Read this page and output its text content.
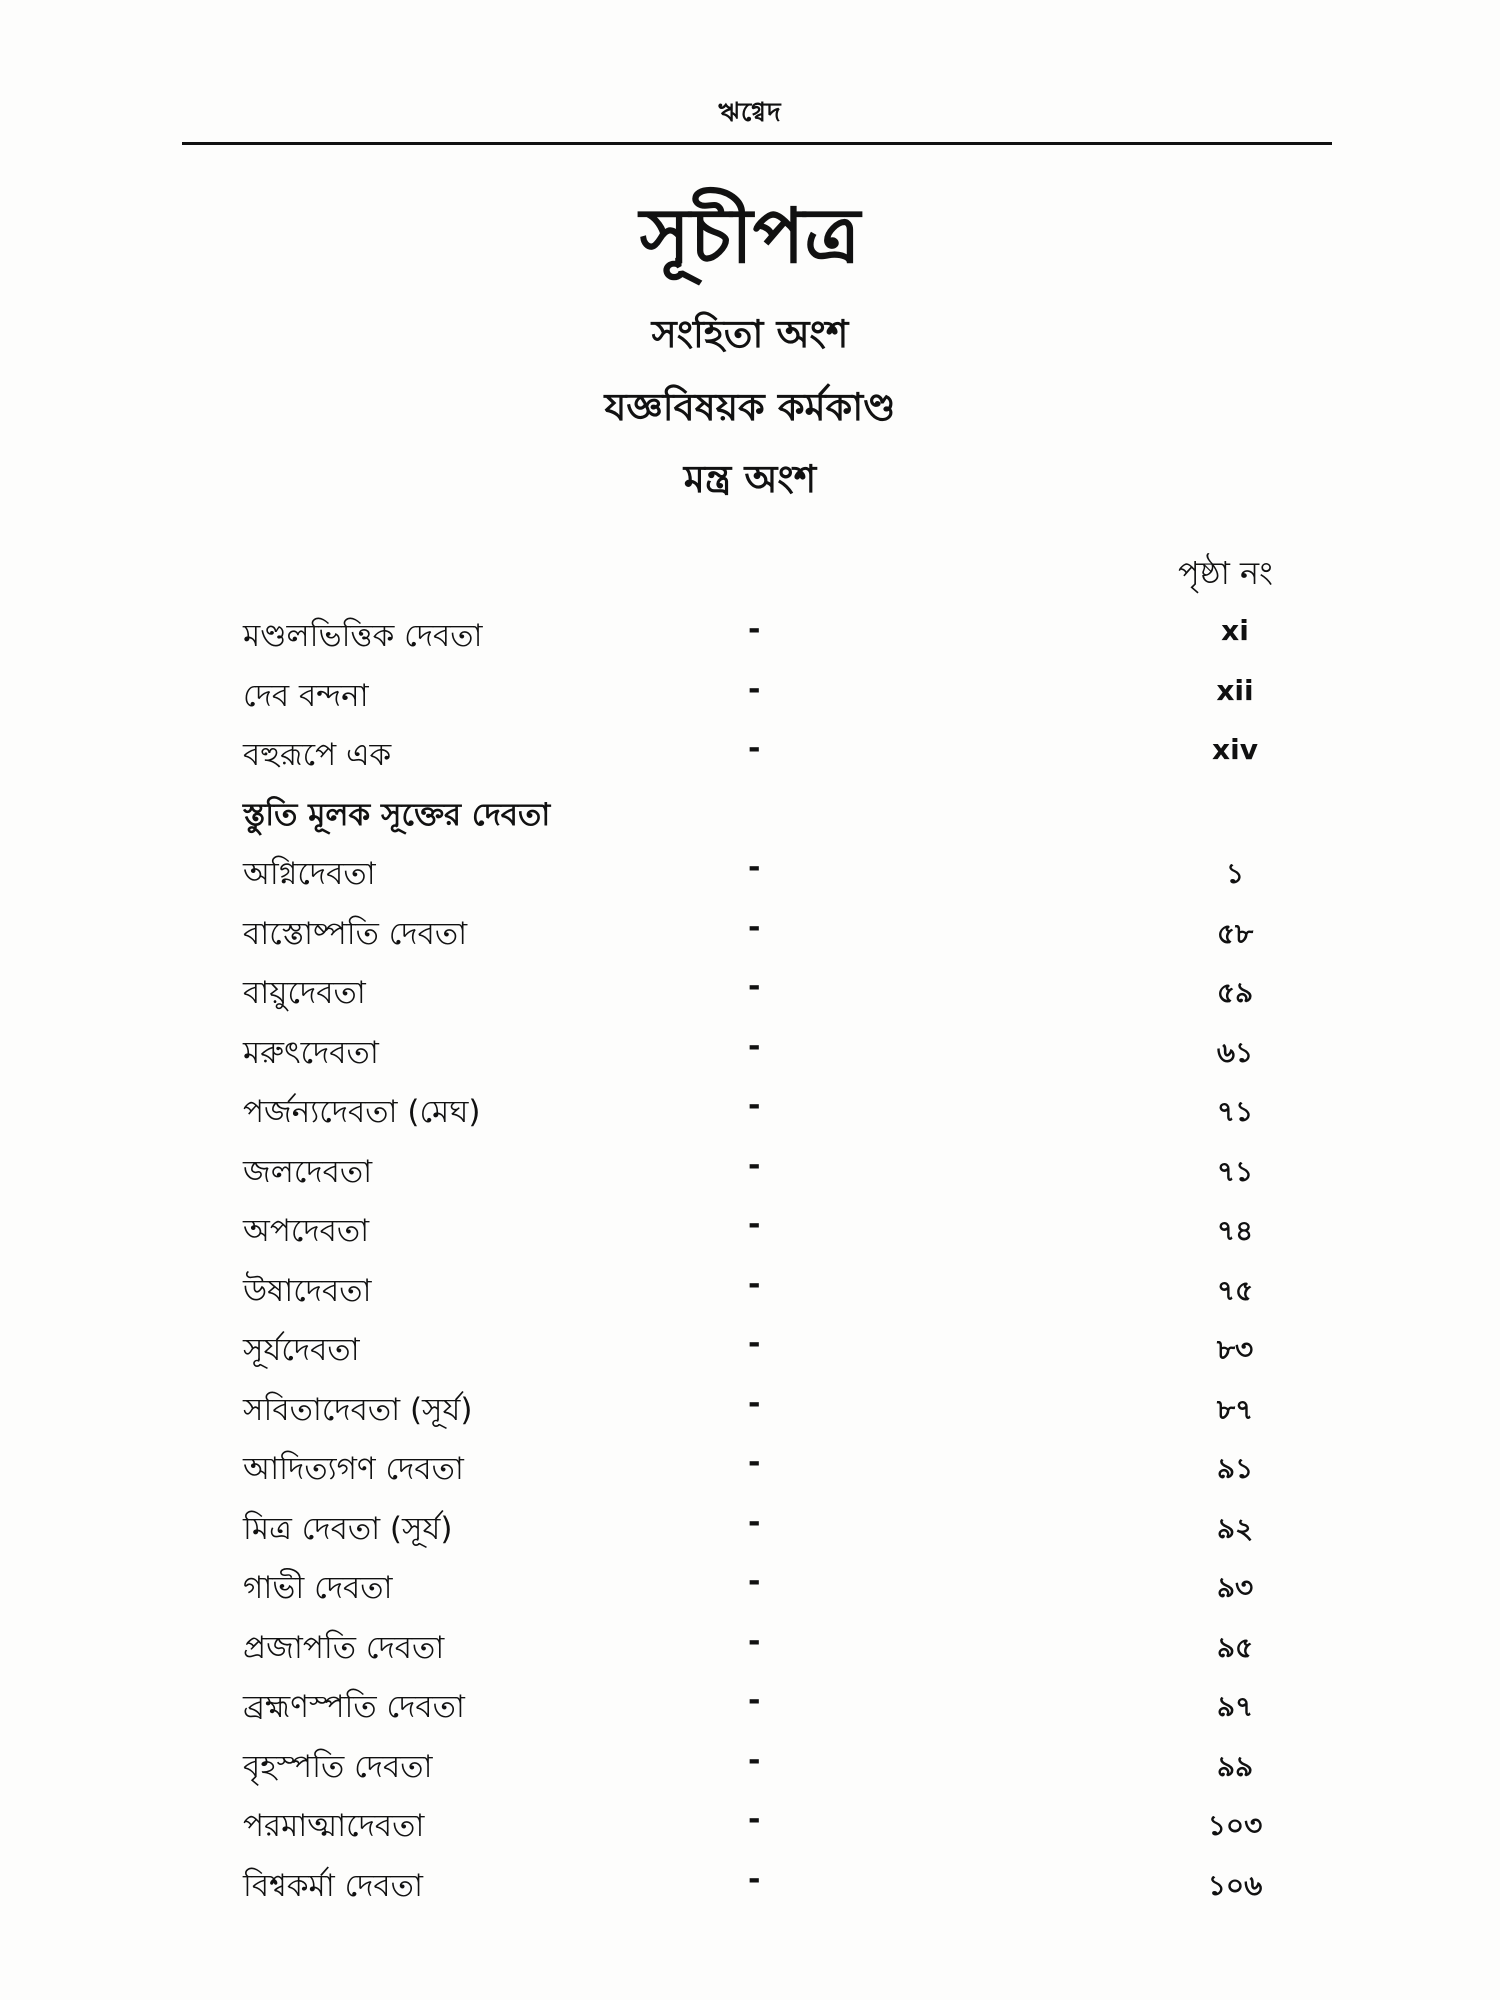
ঋগ্বেদ
সূচীপত্র
সংহিতা অংশ
যজ্ঞবিষয়ক কর্মকাণ্ড
মন্ত্র অংশ
পৃষ্ঠা নং
মণ্ডলভিত্তিক দেবতা	-	xi
দেব বন্দনা	-	xii
বহুরূপে এক	-	xiv
স্তুতি মূলক সূক্তের দেবতা
অগ্নিদেবতা	-	১
বাস্তোষ্পতি দেবতা	-	৫৮
বায়ুদেবতা	-	৫৯
মরুৎদেবতা	-	৬১
পর্জন্যদেবতা (মেঘ)	-	৭১
জলদেবতা	-	৭১
অপদেবতা	-	৭৪
উষাদেবতা	-	৭৫
সূর্যদেবতা	-	৮৩
সবিতাদেবতা (সূর্য)	-	৮৭
আদিত্যগণ দেবতা	-	৯১
মিত্র দেবতা (সূর্য)	-	৯২
গাভী দেবতা	-	৯৩
প্রজাপতি দেবতা	-	৯৫
ব্রহ্মণস্পতি দেবতা	-	৯৭
বৃহস্পতি দেবতা	-	৯৯
পরমাত্মাদেবতা	-	১০৩
বিশ্বকর্মা দেবতা	-	১০৬
